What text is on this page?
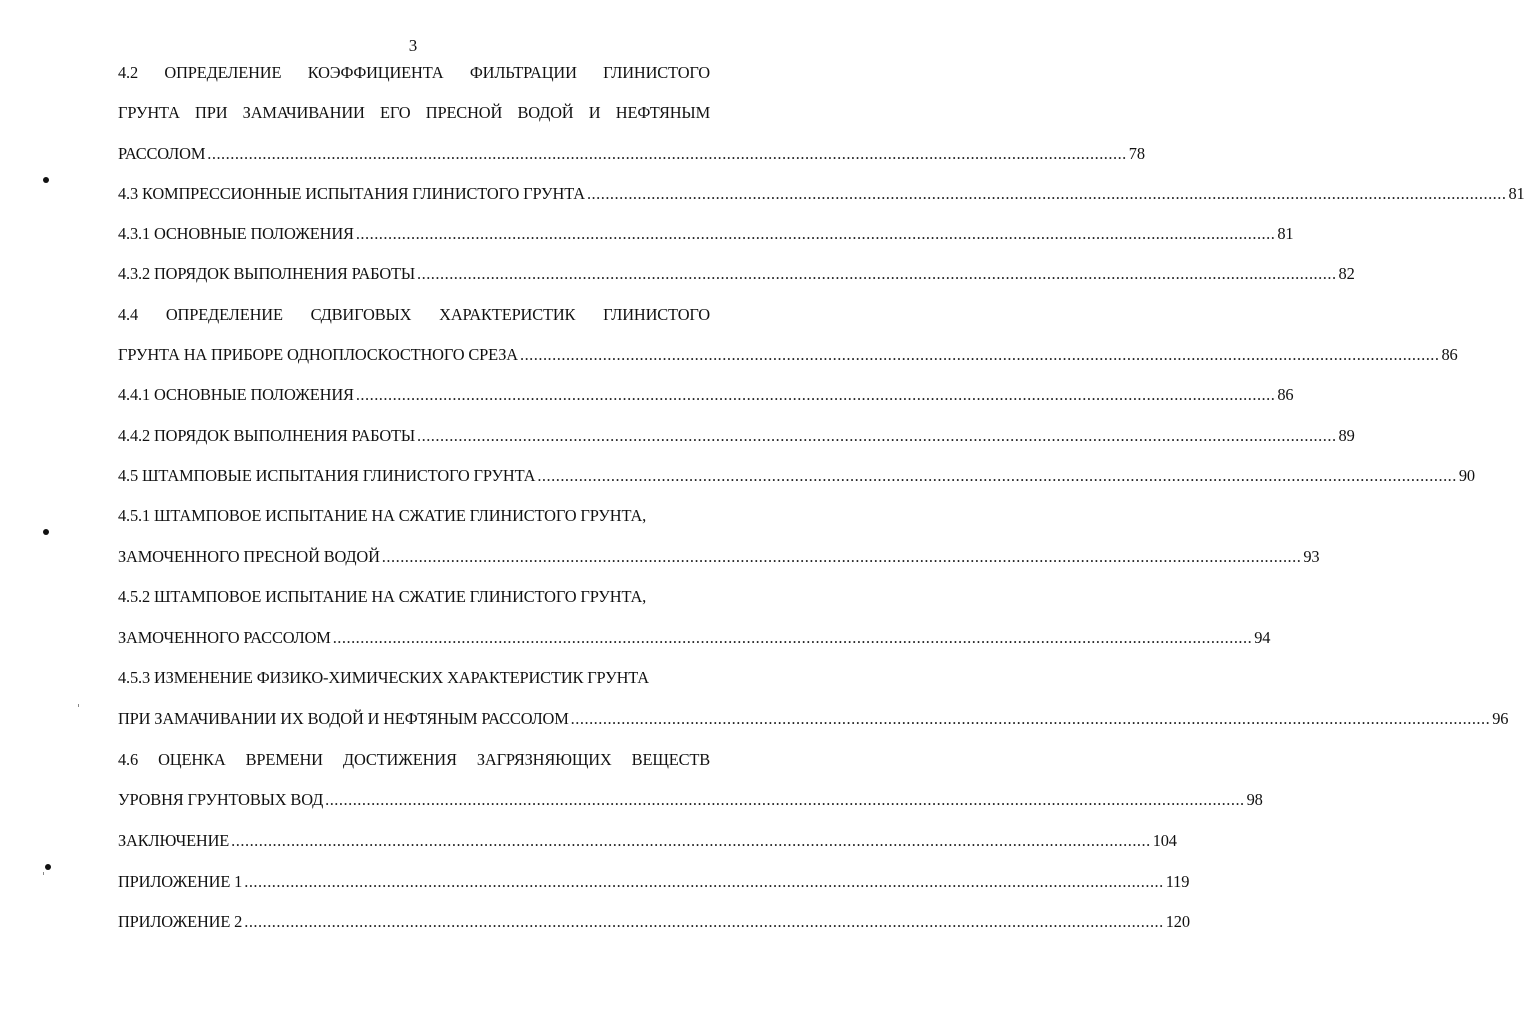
3
4.2 ОПРЕДЕЛЕНИЕ КОЭФФИЦИЕНТА ФИЛЬТРАЦИИ ГЛИНИСТОГО
ГРУНТА ПРИ ЗАМАЧИВАНИИ ЕГО ПРЕСНОЙ ВОДОЙ И НЕФТЯНЫМ
РАССОЛОМ ........................................................................................................................................................................................................ 78
4.3 КОМПРЕССИОННЫЕ ИСПЫТАНИЯ ГЛИНИСТОГО ГРУНТА ........................................................................................................................................................................................................ 81
4.3.1 ОСНОВНЫЕ ПОЛОЖЕНИЯ ........................................................................................................................................................................................................ 81
4.3.2 ПОРЯДОК ВЫПОЛНЕНИЯ РАБОТЫ ........................................................................................................................................................................................................ 82
4.4 ОПРЕДЕЛЕНИЕ СДВИГОВЫХ ХАРАКТЕРИСТИК ГЛИНИСТОГО
ГРУНТА НА ПРИБОРЕ ОДНОПЛОСКОСТНОГО СРЕЗА ........................................................................................................................................................................................................ 86
4.4.1 ОСНОВНЫЕ ПОЛОЖЕНИЯ ........................................................................................................................................................................................................ 86
4.4.2 ПОРЯДОК ВЫПОЛНЕНИЯ РАБОТЫ ........................................................................................................................................................................................................ 89
4.5 ШТАМПОВЫЕ ИСПЫТАНИЯ ГЛИНИСТОГО ГРУНТА ........................................................................................................................................................................................................ 90
4.5.1 ШТАМПОВОЕ ИСПЫТАНИЕ НА СЖАТИЕ ГЛИНИСТОГО ГРУНТА,
ЗАМОЧЕННОГО ПРЕСНОЙ ВОДОЙ ........................................................................................................................................................................................................ 93
4.5.2 ШТАМПОВОЕ ИСПЫТАНИЕ НА СЖАТИЕ ГЛИНИСТОГО ГРУНТА,
ЗАМОЧЕННОГО РАССОЛОМ ........................................................................................................................................................................................................ 94
4.5.3 ИЗМЕНЕНИЕ ФИЗИКО-ХИМИЧЕСКИХ ХАРАКТЕРИСТИК ГРУНТА
ПРИ ЗАМАЧИВАНИИ ИХ ВОДОЙ И НЕФТЯНЫМ РАССОЛОМ ........................................................................................................................................................................................................ 96
4.6 ОЦЕНКА ВРЕМЕНИ ДОСТИЖЕНИЯ ЗАГРЯЗНЯЮЩИХ ВЕЩЕСТВ
УРОВНЯ ГРУНТОВЫХ ВОД ........................................................................................................................................................................................................ 98
ЗАКЛЮЧЕНИЕ ........................................................................................................................................................................................................ 104
ПРИЛОЖЕНИЕ 1 ........................................................................................................................................................................................................ 119
ПРИЛОЖЕНИЕ 2 ........................................................................................................................................................................................................ 120
